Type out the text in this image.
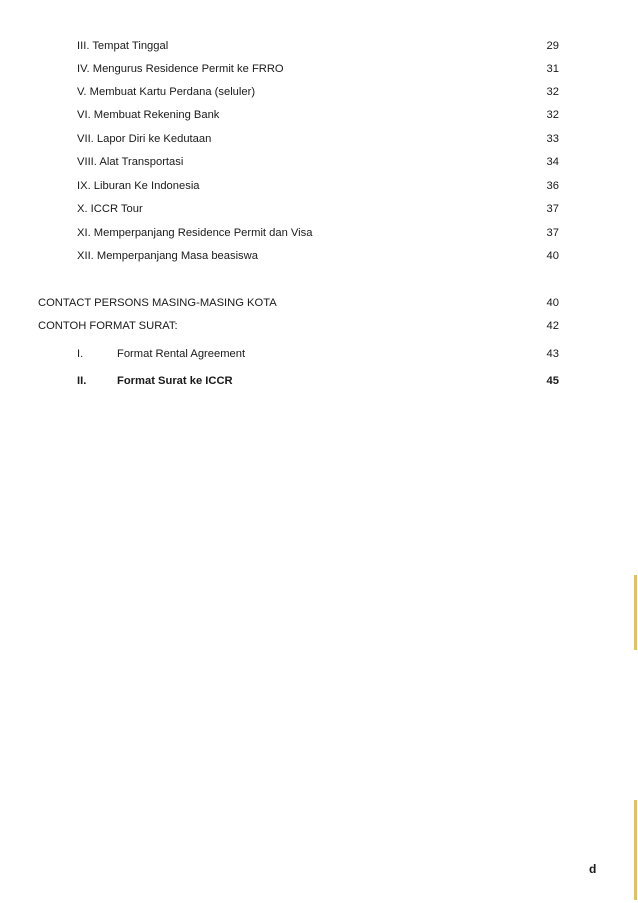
III. Tempat Tinggal	29
IV. Mengurus Residence Permit ke FRRO	31
V. Membuat Kartu Perdana (seluler)	32
VI. Membuat Rekening Bank	32
VII. Lapor Diri ke Kedutaan	33
VIII. Alat Transportasi	34
IX. Liburan Ke Indonesia	36
X. ICCR Tour	37
XI. Memperpanjang Residence Permit dan Visa	37
XII. Memperpanjang Masa beasiswa	40
CONTACT PERSONS MASING-MASING KOTA	40
CONTOH FORMAT SURAT:	42
I.	Format Rental Agreement	43
II.	Format Surat ke ICCR	45
d
